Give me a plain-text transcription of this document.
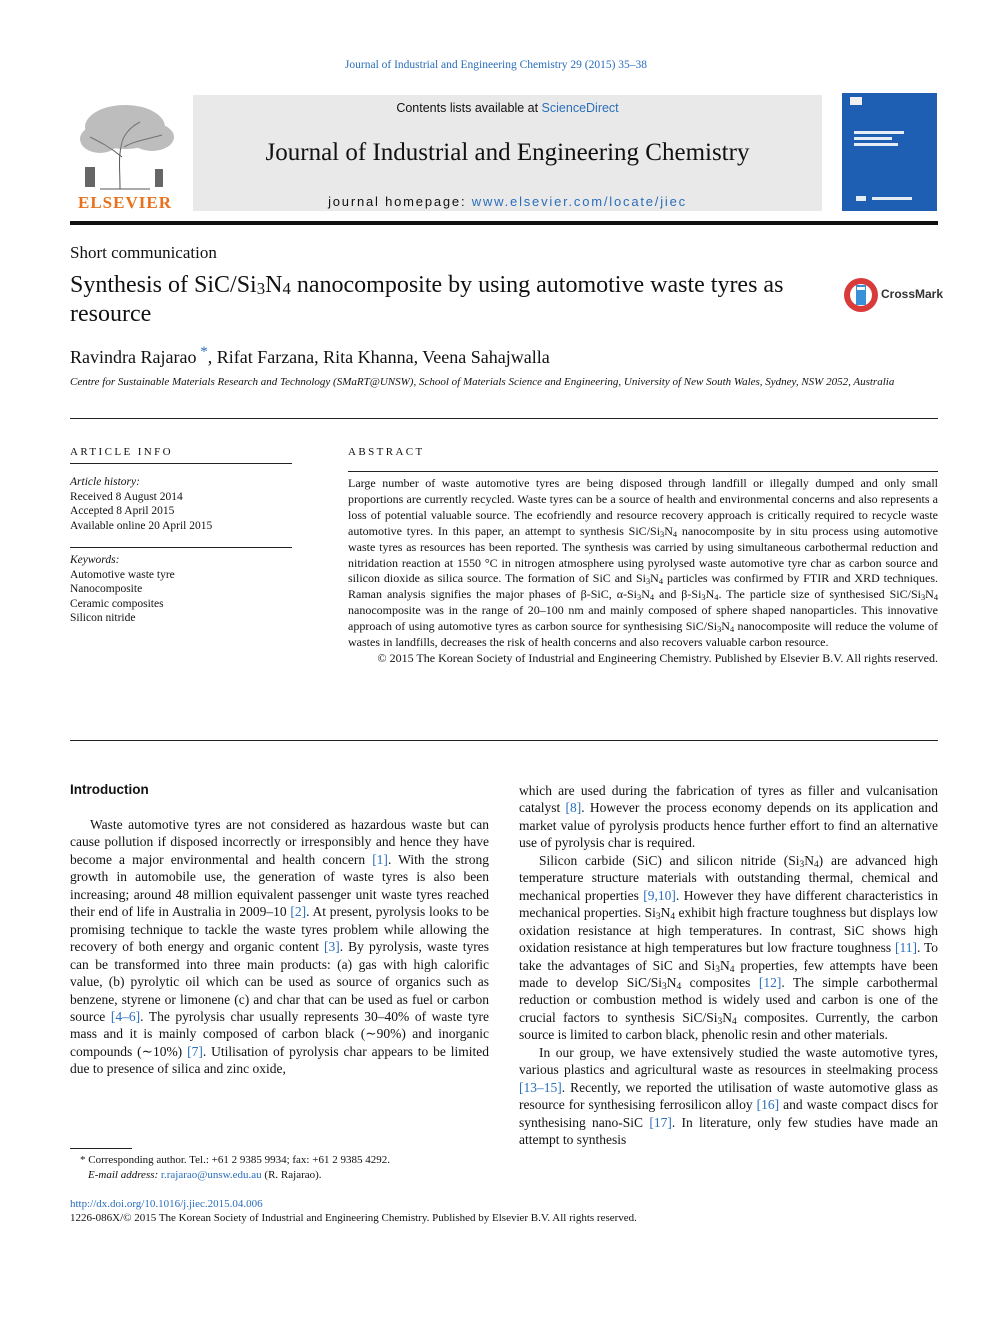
Journal of Industrial and Engineering Chemistry 29 (2015) 35–38
Contents lists available at ScienceDirect
Journal of Industrial and Engineering Chemistry
journal homepage: www.elsevier.com/locate/jiec
ELSEVIER
Short communication
Synthesis of SiC/$Si_3N_4$ nanocomposite by using automotive waste tyres as resource
CrossMark
Ravindra Rajarao *, Rifat Farzana, Rita Khanna, Veena Sahajwalla
Centre for Sustainable Materials Research and Technology (SMaRT@UNSW), School of Materials Science and Engineering, University of New South Wales, Sydney, NSW 2052, Australia
ARTICLE INFO
Article history:
Received 8 August 2014
Accepted 8 April 2015
Available online 20 April 2015
Keywords:
Automotive waste tyre
Nanocomposite
Ceramic composites
Silicon nitride
ABSTRACT
Large number of waste automotive tyres are being disposed through landfill or illegally dumped and only small proportions are currently recycled. Waste tyres can be a source of health and environmental concerns and also represents a loss of potential valuable source. The ecofriendly and resource recovery approach is critically required to recycle waste automotive tyres. In this paper, an attempt to synthesis SiC/$Si_3N_4$ nanocomposite by in situ process using automotive waste tyres as resources has been reported. The synthesis was carried by using simultaneous carbothermal reduction and nitridation reaction at 1550 °C in nitrogen atmosphere using pyrolysed waste automotive tyre char as carbon source and silicon dioxide as silica source. The formation of SiC and $Si_3N_4$ particles was confirmed by FTIR and XRD techniques. Raman analysis signifies the major phases of β-SiC, $\alpha-Si_3N_4$ and $\beta-Si_3N_4$. The particle size of synthesised SiC/$Si_3N_4$ nanocomposite was in the range of 20–100 nm and mainly composed of sphere shaped nanoparticles. This innovative approach of using automotive tyres as carbon source for synthesising SiC/$Si_3N_4$ nanocomposite will reduce the volume of wastes in landfills, decreases the risk of health concerns and also recovers valuable carbon resource.
© 2015 The Korean Society of Industrial and Engineering Chemistry. Published by Elsevier B.V. All rights reserved.
Introduction

Waste automotive tyres are not considered as hazardous waste but can cause pollution if disposed incorrectly or irresponsibly and hence they have become a major environmental and health concern [1]. With the strong growth in automobile use, the generation of waste tyres is also been increasing; around 48 million equivalent passenger unit waste tyres reached their end of life in Australia in 2009–10 [2]. At present, pyrolysis looks to be promising technique to tackle the waste tyres problem while allowing the recovery of both energy and organic content [3]. By pyrolysis, waste tyres can be transformed into three main products: (a) gas with high calorific value, (b) pyrolytic oil which can be used as source of organics such as benzene, styrene or limonene (c) and char that can be used as fuel or carbon source [4–6]. The pyrolysis char usually represents 30–40% of waste tyre mass and it is mainly composed of carbon black (∼90%) and inorganic compounds (∼10%) [7]. Utilisation of pyrolysis char appears to be limited due to presence of silica and zinc oxide,

which are used during the fabrication of tyres as filler and vulcanisation catalyst [8]. However the process economy depends on its application and market value of pyrolysis products hence further effort to find an alternative use of pyrolysis char is required.

Silicon carbide (SiC) and silicon nitride $(Si_3N_4)$ are advanced high temperature structure materials with outstanding thermal, chemical and mechanical properties [9,10]. However they have different characteristics in mechanical properties. $Si_3N_4$ exhibit high fracture toughness but displays low oxidation resistance at high temperatures. In contrast, SiC shows high oxidation resistance at high temperatures but low fracture toughness [11]. To take the advantages of SiC and $Si_3N_4$ properties, few attempts have been made to develop SiC/$Si_3N_4$ composites [12]. The simple carbothermal reduction or combustion method is widely used and carbon is one of the crucial factors to synthesis SiC/$Si_3N_4$ composites. Currently, the carbon source is limited to carbon black, phenolic resin and other materials.

In our group, we have extensively studied the waste automotive tyres, various plastics and agricultural waste as resources in steelmaking process [13–15]. Recently, we reported the utilisation of waste automotive glass as resource for synthesising ferrosilicon alloy [16] and waste compact discs for synthesising nano-SiC [17]. In literature, only few studies have made an attempt to synthesis

* Corresponding author. Tel.: +61 2 9385 9934; fax: +61 2 9385 4292.
E-mail address: r.rajarao@unsw.edu.au (R. Rajarao).
http://dx.doi.org/10.1016/j.jiec.2015.04.006
1226-086X/© 2015 The Korean Society of Industrial and Engineering Chemistry. Published by Elsevier B.V. All rights reserved.
